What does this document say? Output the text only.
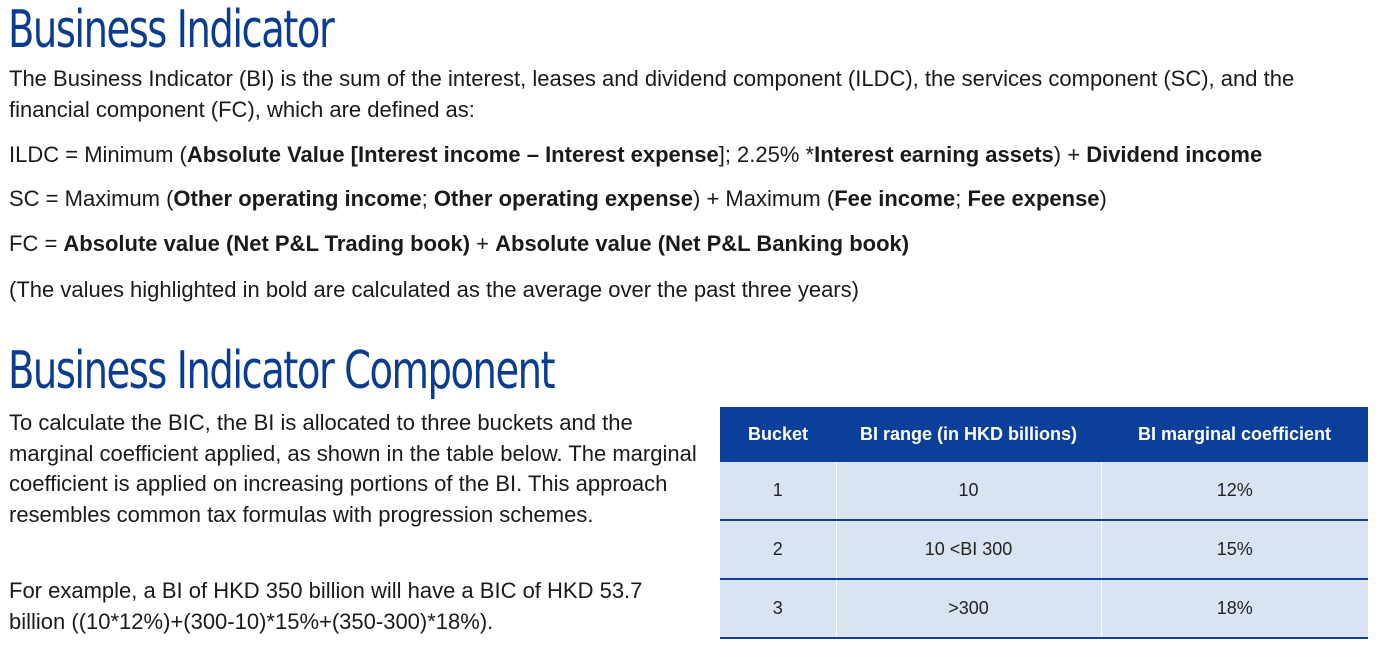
Business Indicator

The Business Indicator (BI) is the sum of the interest, leases and dividend component (ILDC), the services component (SC), and the financial component (FC), which are defined as:

ILDC = Minimum (Absolute Value [Interest income – Interest expense]; 2.25% *Interest earning assets) + Dividend income

SC = Maximum (Other operating income; Other operating expense) + Maximum (Fee income; Fee expense)

FC = Absolute value (Net P&L Trading book) + Absolute value (Net P&L Banking book)

(The values highlighted in bold are calculated as the average over the past three years)

Business Indicator Component

To calculate the BIC, the BI is allocated to three buckets and the marginal coefficient applied, as shown in the table below. The marginal coefficient is applied on increasing portions of the BI. This approach resembles common tax formulas with progression schemes.

For example, a BI of HKD 350 billion will have a BIC of HKD 53.7 billion ((10*12%)+(300-10)*15%+(350-300)*18%).

Bucket	BI range (in HKD billions)	BI marginal coefficient
1	10	12%
2	10 <BI 300	15%
3	>300	18%
